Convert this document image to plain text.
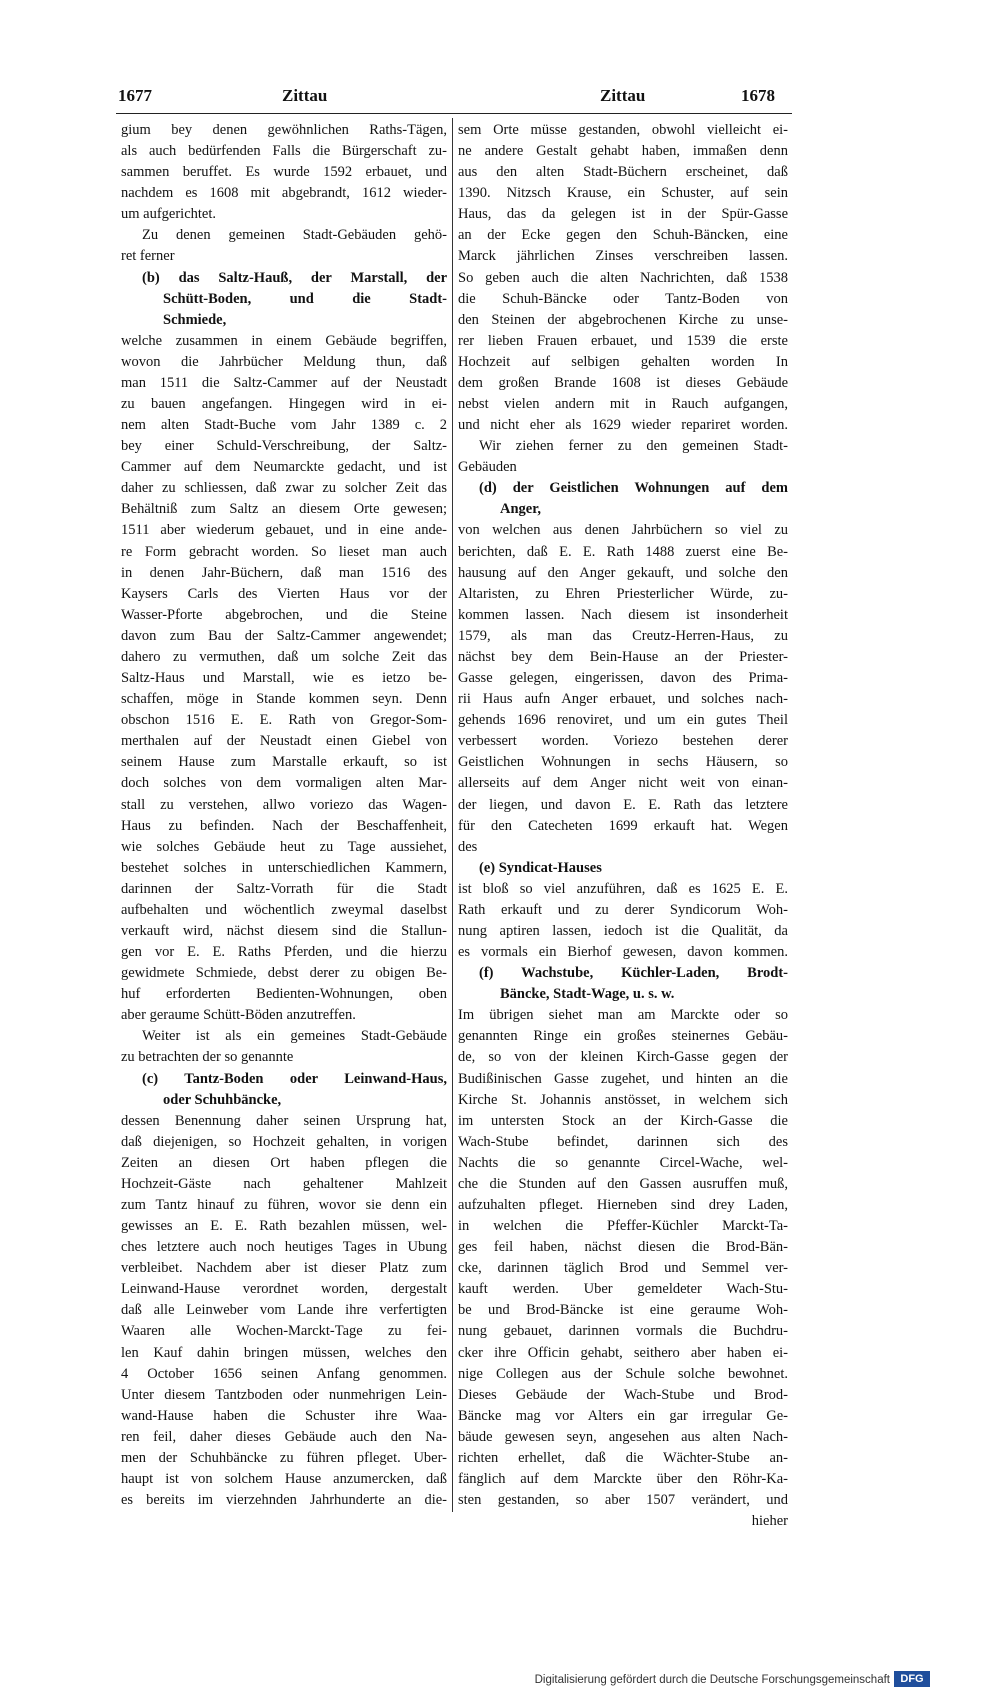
1677	Zittau	Zittau	1678
gium bey denen gewöhnlichen Raths-Tägen,
als auch bedürfenden Falls die Bürgerschaft zu-
sammen beruffet. Es wurde 1592 erbauet, und
nachdem es 1608 mit abgebrandt, 1612 wieder-
um aufgerichtet.
Zu denen gemeinen Stadt-Gebäuden gehö-
ret ferner
(b) das Saltz-Hauß, der Marstall, der
Schütt-Boden, und die Stadt-
Schmiede,
welche zusammen in einem Gebäude begriffen,
wovon die Jahrbücher Meldung thun, daß
man 1511 die Saltz-Cammer auf der Neustadt
zu bauen angefangen. Hingegen wird in ei-
nem alten Stadt-Buche vom Jahr 1389 c. 2
bey einer Schuld-Verschreibung, der Saltz-
Cammer auf dem Neumarckte gedacht, und ist
daher zu schliessen, daß zwar zu solcher Zeit das
Behältniß zum Saltz an diesem Orte gewesen;
1511 aber wiederum gebauet, und in eine ande-
re Form gebracht worden. So lieset man auch
in denen Jahr-Büchern, daß man 1516 des
Kaysers Carls des Vierten Haus vor der
Wasser-Pforte abgebrochen, und die Steine
davon zum Bau der Saltz-Cammer angewendet;
dahero zu vermuthen, daß um solche Zeit das
Saltz-Haus und Marstall, wie es ietzo be-
schaffen, möge in Stande kommen seyn. Denn
obschon 1516 E. E. Rath von Gregor-Som-
merthalen auf der Neustadt einen Giebel von
seinem Hause zum Marstalle erkauft, so ist
doch solches von dem vormaligen alten Mar-
stall zu verstehen, allwo voriezo das Wagen-
Haus zu befinden. Nach der Beschaffenheit,
wie solches Gebäude heut zu Tage aussiehet,
bestehet solches in unterschiedlichen Kammern,
darinnen der Saltz-Vorrath für die Stadt
aufbehalten und wöchentlich zweymal daselbst
verkauft wird, nächst diesem sind die Stallun-
gen vor E. E. Raths Pferden, und die hierzu
gewidmete Schmiede, debst derer zu obigen Be-
huf erforderten Bedienten-Wohnungen, oben
aber geraume Schütt-Böden anzutreffen.
Weiter ist als ein gemeines Stadt-Gebäude
zu betrachten der so genannte
(c) Tantz-Boden oder Leinwand-Haus,
oder Schuhbäncke,
dessen Benennung daher seinen Ursprung hat,
daß diejenigen, so Hochzeit gehalten, in vorigen
Zeiten an diesen Ort haben pflegen die
Hochzeit-Gäste nach gehaltener Mahlzeit
zum Tantz hinauf zu führen, wovor sie denn ein
gewisses an E. E. Rath bezahlen müssen, wel-
ches letztere auch noch heutiges Tages in Ubung
verbleibet. Nachdem aber ist dieser Platz zum
Leinwand-Hause verordnet worden, dergestalt
daß alle Leinweber vom Lande ihre verfertigten
Waaren alle Wochen-Marckt-Tage zu fei-
len Kauf dahin bringen müssen, welches den
4 October 1656 seinen Anfang genommen.
Unter diesem Tantzboden oder nunmehrigen Lein-
wand-Hause haben die Schuster ihre Waa-
ren feil, daher dieses Gebäude auch den Na-
men der Schuhbäncke zu führen pfleget. Uber-
haupt ist von solchem Hause anzumercken, daß
es bereits im vierzehnden Jahrhunderte an die-
sem Orte müsse gestanden, obwohl vielleicht ei-
ne andere Gestalt gehabt haben, immaßen denn
aus den alten Stadt-Büchern erscheinet, daß
1390. Nitzsch Krause, ein Schuster, auf sein
Haus, das da gelegen ist in der Spür-Gasse
an der Ecke gegen den Schuh-Bäncken, eine
Marck jährlichen Zinses verschreiben lassen.
So geben auch die alten Nachrichten, daß 1538
die Schuh-Bäncke oder Tantz-Boden von
den Steinen der abgebrochenen Kirche zu unse-
rer lieben Frauen erbauet, und 1539 die erste
Hochzeit auf selbigen gehalten worden In
dem großen Brande 1608 ist dieses Gebäude
nebst vielen andern mit in Rauch aufgangen,
und nicht eher als 1629 wieder repariret worden.
Wir ziehen ferner zu den gemeinen Stadt-
Gebäuden
(d) der Geistlichen Wohnungen auf dem
Anger,
von welchen aus denen Jahrbüchern so viel zu
berichten, daß E. E. Rath 1488 zuerst eine Be-
hausung auf den Anger gekauft, und solche den
Altaristen, zu Ehren Priesterlicher Würde, zu-
kommen lassen. Nach diesem ist insonderheit
1579, als man das Creutz-Herren-Haus, zu
nächst bey dem Bein-Hause an der Priester-
Gasse gelegen, eingerissen, davon des Prima-
rii Haus aufn Anger erbauet, und solches nach-
gehends 1696 renoviret, und um ein gutes Theil
verbessert worden. Voriezo bestehen derer
Geistlichen Wohnungen in sechs Häusern, so
allerseits auf dem Anger nicht weit von einan-
der liegen, und davon E. E. Rath das letztere
für den Catecheten 1699 erkauft hat. Wegen
des
(e) Syndicat-Hauses
ist bloß so viel anzuführen, daß es 1625 E. E.
Rath erkauft und zu derer Syndicorum Woh-
nung aptiren lassen, iedoch ist die Qualität, da
es vormals ein Bierhof gewesen, davon kommen.
(f) Wachstube, Küchler-Laden, Brodt-
Bäncke, Stadt-Wage, u. s. w.
Im übrigen siehet man am Marckte oder so
genannten Ringe ein großes steinernes Gebäu-
de, so von der kleinen Kirch-Gasse gegen der
Budißinischen Gasse zugehet, und hinten an die
Kirche St. Johannis anstösset, in welchem sich
im untersten Stock an der Kirch-Gasse die
Wach-Stube befindet, darinnen sich des
Nachts die so genannte Circel-Wache, wel-
che die Stunden auf den Gassen ausruffen muß,
aufzuhalten pfleget. Hierneben sind drey Laden,
in welchen die Pfeffer-Küchler Marckt-Ta-
ges feil haben, nächst diesen die Brod-Bän-
cke, darinnen täglich Brod und Semmel ver-
kauft werden. Uber gemeldeter Wach-Stu-
be und Brod-Bäncke ist eine geraume Woh-
nung gebauet, darinnen vormals die Buchdru-
cker ihre Officin gehabt, seithero aber haben ei-
nige Collegen aus der Schule solche bewohnet.
Dieses Gebäude der Wach-Stube und Brod-
Bäncke mag vor Alters ein gar irregular Ge-
bäude gewesen seyn, angesehen aus alten Nach-
richten erhellet, daß die Wächter-Stube an-
fänglich auf dem Marckte über den Röhr-Ka-
sten gestanden, so aber 1507 verändert, und
hieher
Digitalisierung gefördert durch die Deutsche Forschungsgemeinschaft DFG
